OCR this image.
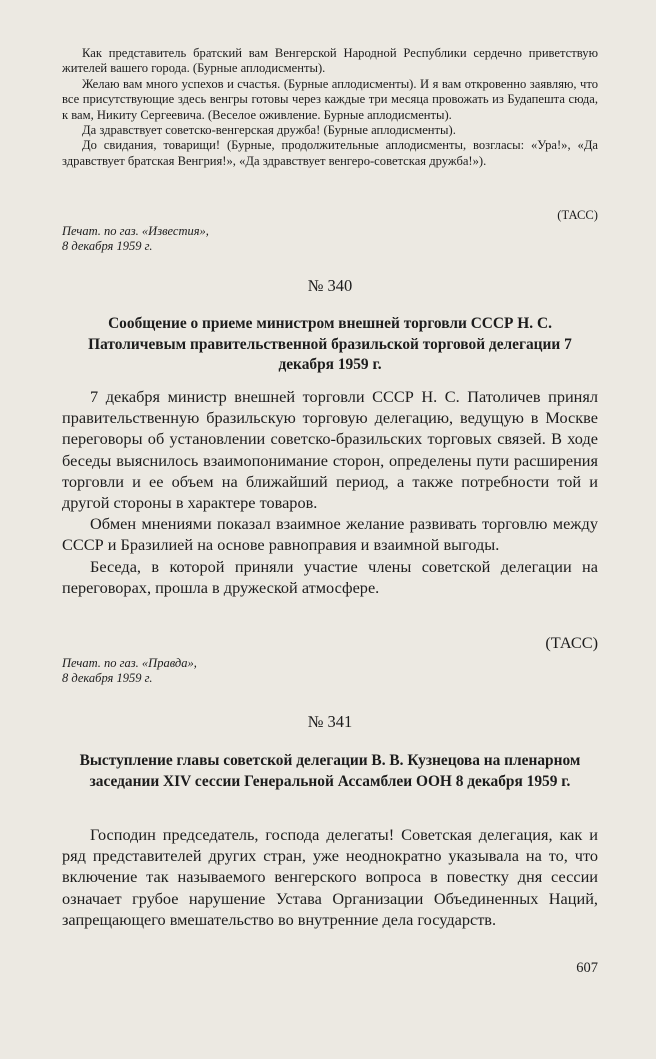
Как представитель братский вам Венгерской Народной Республики сердечно приветствую жителей вашего города. (Бурные аплодисменты).

Желаю вам много успехов и счастья. (Бурные аплодисменты). И я вам откровенно заявляю, что все присутствующие здесь венгры готовы через каждые три месяца провожать из Будапешта сюда, к вам, Никиту Сергеевича. (Веселое оживление. Бурные аплодисменты).

Да здравствует советско-венгерская дружба! (Бурные аплодисменты).

До свидания, товарищи! (Бурные, продолжительные аплодисменты, возгласы: «Ура!», «Да здравствует братская Венгрия!», «Да здравствует венгеро-советская дружба!»).

(ТАСС)
Печат. по газ. «Известия»,
8 декабря 1959 г.
№ 340
Сообщение о приеме министром внешней торговли СССР Н. С. Патоличевым правительственной бразильской торговой делегации 7 декабря 1959 г.

7 декабря министр внешней торговли СССР Н. С. Патоличев принял правительственную бразильскую торговую делегацию, ведущую в Москве переговоры об установлении советско-бразильских торговых связей. В ходе беседы выяснилось взаимопонимание сторон, определены пути расширения торговли и ее объем на ближайший период, а также потребности той и другой стороны в характере товаров.

Обмен мнениями показал взаимное желание развивать торговлю между СССР и Бразилией на основе равноправия и взаимной выгоды.

Беседа, в которой приняли участие члены советской делегации на переговорах, прошла в дружеской атмосфере.

(ТАСС)
Печат. по газ. «Правда»,
8 декабря 1959 г.
№ 341
Выступление главы советской делегации В. В. Кузнецова на пленарном заседании XIV сессии Генеральной Ассамблеи ООН 8 декабря 1959 г.

Господин председатель, господа делегаты! Советская делегация, как и ряд представителей других стран, уже неоднократно указывала на то, что включение так называемого венгерского вопроса в повестку дня сессии означает грубое нарушение Устава Организации Объединенных Наций, запрещающего вмешательство во внутренние дела государств.

607
